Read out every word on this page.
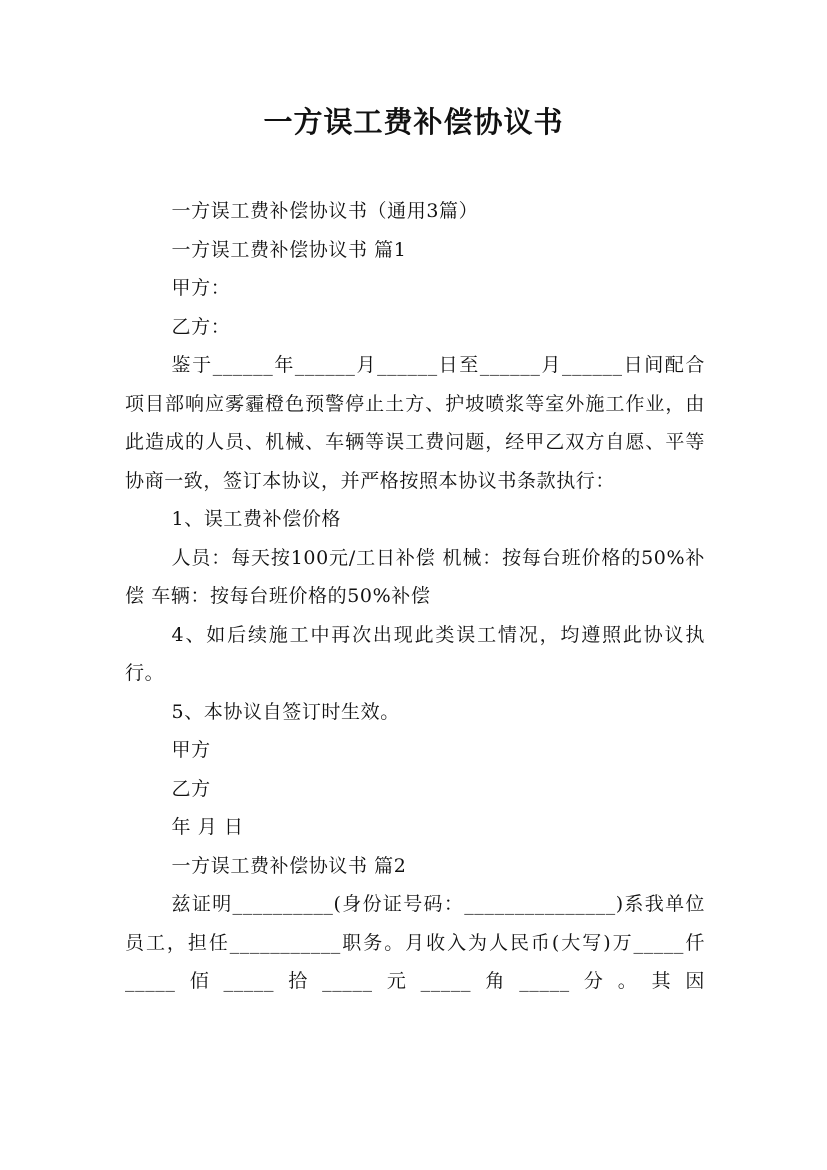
一方误工费补偿协议书

一方误工费补偿协议书（通用3篇）

一方误工费补偿协议书 篇1

甲方：

乙方：

鉴于______年______月______日至______月______日间配合项目部响应雾霾橙色预警停止土方、护坡喷浆等室外施工作业，由此造成的人员、机械、车辆等误工费问题，经甲乙双方自愿、平等协商一致，签订本协议，并严格按照本协议书条款执行：

1、误工费补偿价格

人员：每天按100元/工日补偿 机械：按每台班价格的50%补偿 车辆：按每台班价格的50%补偿

4、如后续施工中再次出现此类误工情况，均遵照此协议执行。

5、本协议自签订时生效。

甲方

乙方

年 月 日

一方误工费补偿协议书 篇2

兹证明__________(身份证号码：_______________)系我单位员工，担任___________职务。月收入为人民币(大写)万_____仟_____佰_____拾_____元_____角_____分。其因
